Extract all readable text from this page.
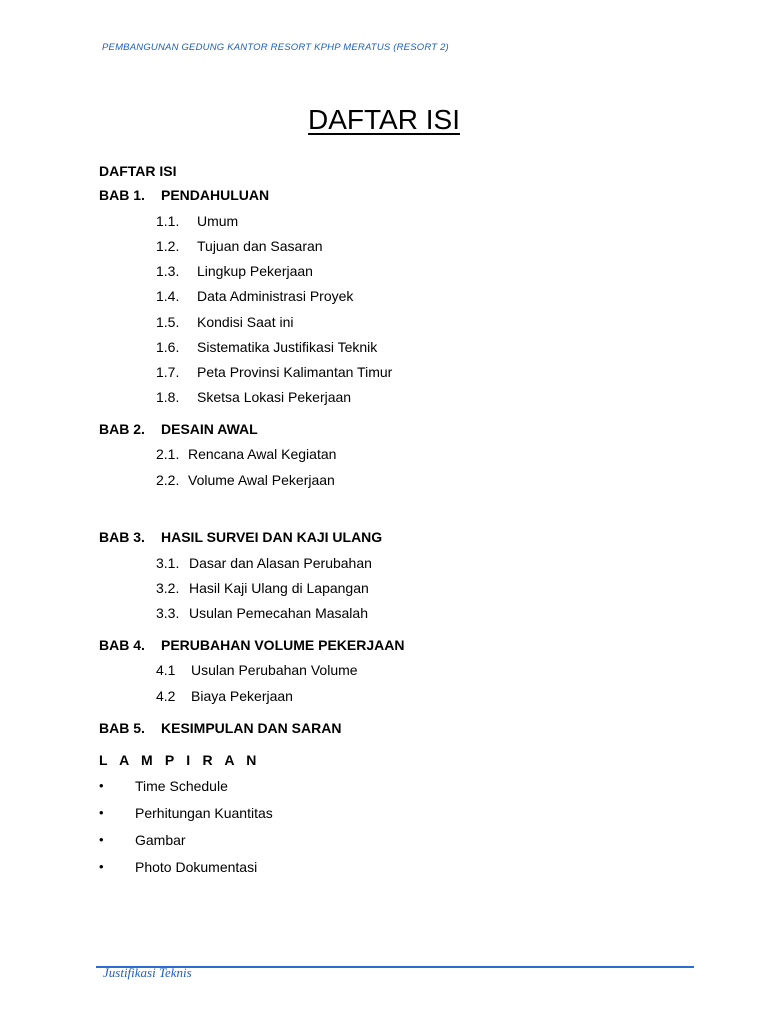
PEMBANGUNAN GEDUNG KANTOR RESORT KPHP MERATUS (RESORT 2)
DAFTAR ISI
DAFTAR ISI
BAB 1. PENDAHULUAN
1.1. Umum
1.2. Tujuan dan Sasaran
1.3. Lingkup Pekerjaan
1.4. Data Administrasi Proyek
1.5. Kondisi Saat ini
1.6. Sistematika Justifikasi Teknik
1.7. Peta Provinsi Kalimantan Timur
1.8. Sketsa Lokasi Pekerjaan
BAB 2. DESAIN AWAL
2.1. Rencana Awal Kegiatan
2.2. Volume Awal Pekerjaan
BAB 3. HASIL SURVEI DAN KAJI ULANG
3.1. Dasar dan Alasan Perubahan
3.2. Hasil Kaji Ulang di Lapangan
3.3. Usulan Pemecahan Masalah
BAB 4. PERUBAHAN VOLUME PEKERJAAN
4.1 Usulan Perubahan Volume
4.2 Biaya Pekerjaan
BAB 5. KESIMPULAN DAN SARAN
L A M P I R A N
• Time Schedule
• Perhitungan Kuantitas
• Gambar
• Photo Dokumentasi
Justifikasi Teknis
